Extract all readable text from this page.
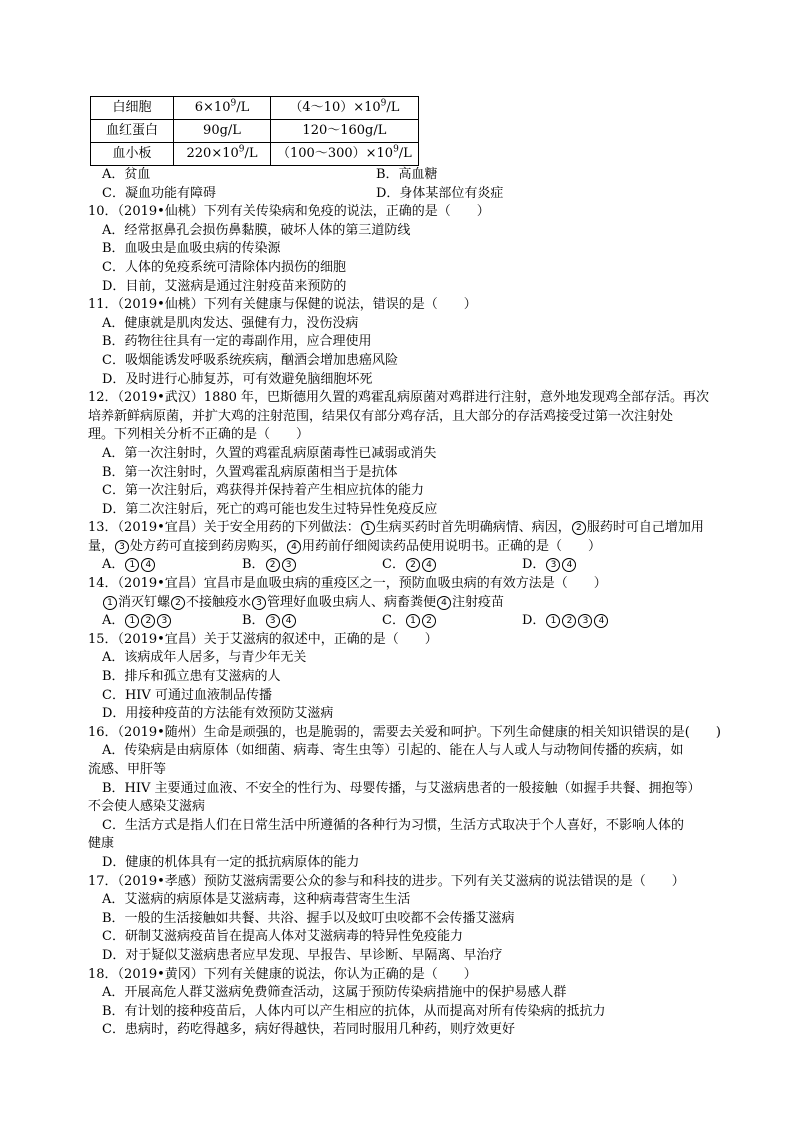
白细胞	$6\times 10^9/L$	$(4\sim 10)\times 10^9/L$
血红蛋白	90g/L	120～160g/L
血小板	$220\times 10^9/L$	$(100\sim 300)\times 10^9/L$
A．贫血	B．高血糖
C．凝血功能有障碍	D．身体某部位有炎症
10．（2019•仙桃）下列有关传染病和免疫的说法，正确的是（　　）
A．经常抠鼻孔会损伤鼻黏膜，破坏人体的第三道防线
B．血吸虫是血吸虫病的传染源
C．人体的免疫系统可清除体内损伤的细胞
D．目前，艾滋病是通过注射疫苗来预防的
11．（2019•仙桃）下列有关健康与保健的说法，错误的是（　　）
A．健康就是肌肉发达、强健有力，没伤没病
B．药物往往具有一定的毒副作用，应合理使用
C．吸烟能诱发呼吸系统疾病，酗酒会增加患癌风险
D．及时进行心肺复苏，可有效避免脑细胞坏死
12．（2019•武汉）1880 年，巴斯德用久置的鸡霍乱病原菌对鸡群进行注射，意外地发现鸡全部存活。再次
培养新鲜病原菌，并扩大鸡的注射范围，结果仅有部分鸡存活，且大部分的存活鸡接受过第一次注射处
理。下列相关分析不正确的是（　　）
A．第一次注射时，久置的鸡霍乱病原菌毒性已减弱或消失
B．第一次注射时，久置鸡霍乱病原菌相当于是抗体
C．第一次注射后，鸡获得并保持着产生相应抗体的能力
D．第二次注射后，死亡的鸡可能也发生过特异性免疫反应
13．（2019•宜昌）关于安全用药的下列做法： 1 生病买药时首先明确病情、病因， 2 服药时可自己增加用
量， 3 处方药可直接到药房购买， 4 用药前仔细阅读药品使用说明书。正确的是（　　）
A． 1 4	B． 2 3	C． 2 4	D． 3 4
14．（2019•宜昌）宜昌市是血吸虫病的重疫区之一，预防血吸虫病的有效方法是（　　）
1 消灭钉螺 2 不接触疫水 3 管理好血吸虫病人、病畜粪便 4 注射疫苗
A． 1 2 3	B． 3 4	C． 1 2	D． 1 2 3 4
15．（2019•宜昌）关于艾滋病的叙述中，正确的是（　　）
A．该病成年人居多，与青少年无关
B．排斥和孤立患有艾滋病的人
C．HIV 可通过血液制品传播
D．用接种疫苗的方法能有效预防艾滋病
16．（2019•随州）生命是顽强的，也是脆弱的，需要去关爱和呵护。下列生命健康的相关知识错误的是(　　)
A．传染病是由病原体（如细菌、病毒、寄生虫等）引起的、能在人与人或人与动物间传播的疾病，如
流感、甲肝等
B．HIV 主要通过血液、不安全的性行为、母婴传播，与艾滋病患者的一般接触（如握手共餐、拥抱等）
不会使人感染艾滋病
C．生活方式是指人们在日常生活中所遵循的各种行为习惯，生活方式取决于个人喜好，不影响人体的
健康
D．健康的机体具有一定的抵抗病原体的能力
17．（2019•孝感）预防艾滋病需要公众的参与和科技的进步。下列有关艾滋病的说法错误的是（　　）
A．艾滋病的病原体是艾滋病毒，这种病毒营寄生生活
B．一般的生活接触如共餐、共浴、握手以及蚊叮虫咬都不会传播艾滋病
C．研制艾滋病疫苗旨在提高人体对艾滋病毒的特异性免疫能力
D．对于疑似艾滋病患者应早发现、早报告、早诊断、早隔离、早治疗
18．（2019•黄冈）下列有关健康的说法，你认为正确的是（　　）
A．开展高危人群艾滋病免费筛查活动，这属于预防传染病措施中的保护易感人群
B．有计划的接种疫苗后，人体内可以产生相应的抗体，从而提高对所有传染病的抵抗力
C．患病时，药吃得越多，病好得越快，若同时服用几种药，则疗效更好
